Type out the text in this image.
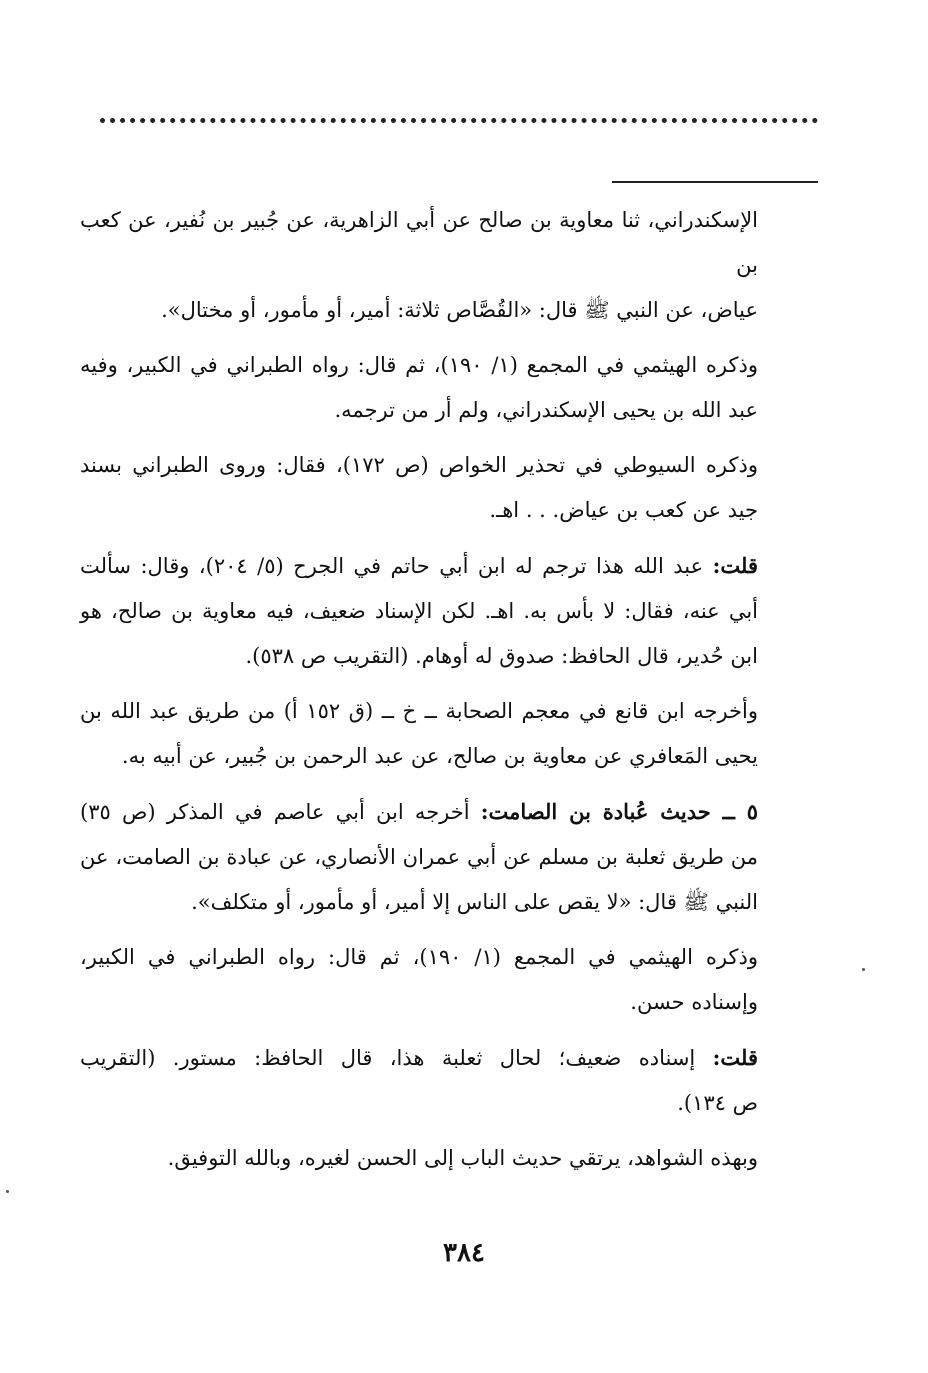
الإسكندراني، ثنا معاوية بن صالح عن أبي الزاهرية، عن جُبير بن نُفير، عن كعب بن
عياض، عن النبي ﷺ قال: «القُصَّاص ثلاثة: أمير، أو مأمور، أو مختال».

وذكره الهيثمي في المجمع (١/ ١٩٠)، ثم قال: رواه الطبراني في الكبير، وفيه
عبد الله بن يحيى الإسكندراني، ولم أر من ترجمه.

وذكره السيوطي في تحذير الخواص (ص ١٧٢)، فقال: وروى الطبراني بسند
جيد عن كعب بن عياض. . . اهـ.

قلت: عبد الله هذا ترجم له ابن أبي حاتم في الجرح (٥/ ٢٠٤)، وقال: سألت
أبي عنه، فقال: لا بأس به. اهـ. لكن الإسناد ضعيف، فيه معاوية بن صالح، هو
ابن حُدير، قال الحافظ: صدوق له أوهام. (التقريب ص ٥٣٨).

وأخرجه ابن قانع في معجم الصحابة ــ خ ــ (ق ١٥٢ أ) من طريق عبد الله بن
يحيى المَعافري عن معاوية بن صالح، عن عبد الرحمن بن جُبير، عن أبيه به.

٥ ــ حديث عُبادة بن الصامت: أخرجه ابن أبي عاصم في المذكر (ص ٣٥)
من طريق ثعلبة بن مسلم عن أبي عمران الأنصاري، عن عبادة بن الصامت، عن
النبي ﷺ قال: «لا يقص على الناس إلا أمير، أو مأمور، أو متكلف».

وذكره الهيثمي في المجمع (١/ ١٩٠)، ثم قال: رواه الطبراني في الكبير،
وإسناده حسن.

قلت: إسناده ضعيف؛ لحال ثعلبة هذا، قال الحافظ: مستور. (التقريب
ص ١٣٤).

وبهذه الشواهد، يرتقي حديث الباب إلى الحسن لغيره، وبالله التوفيق.

٣٨٤
